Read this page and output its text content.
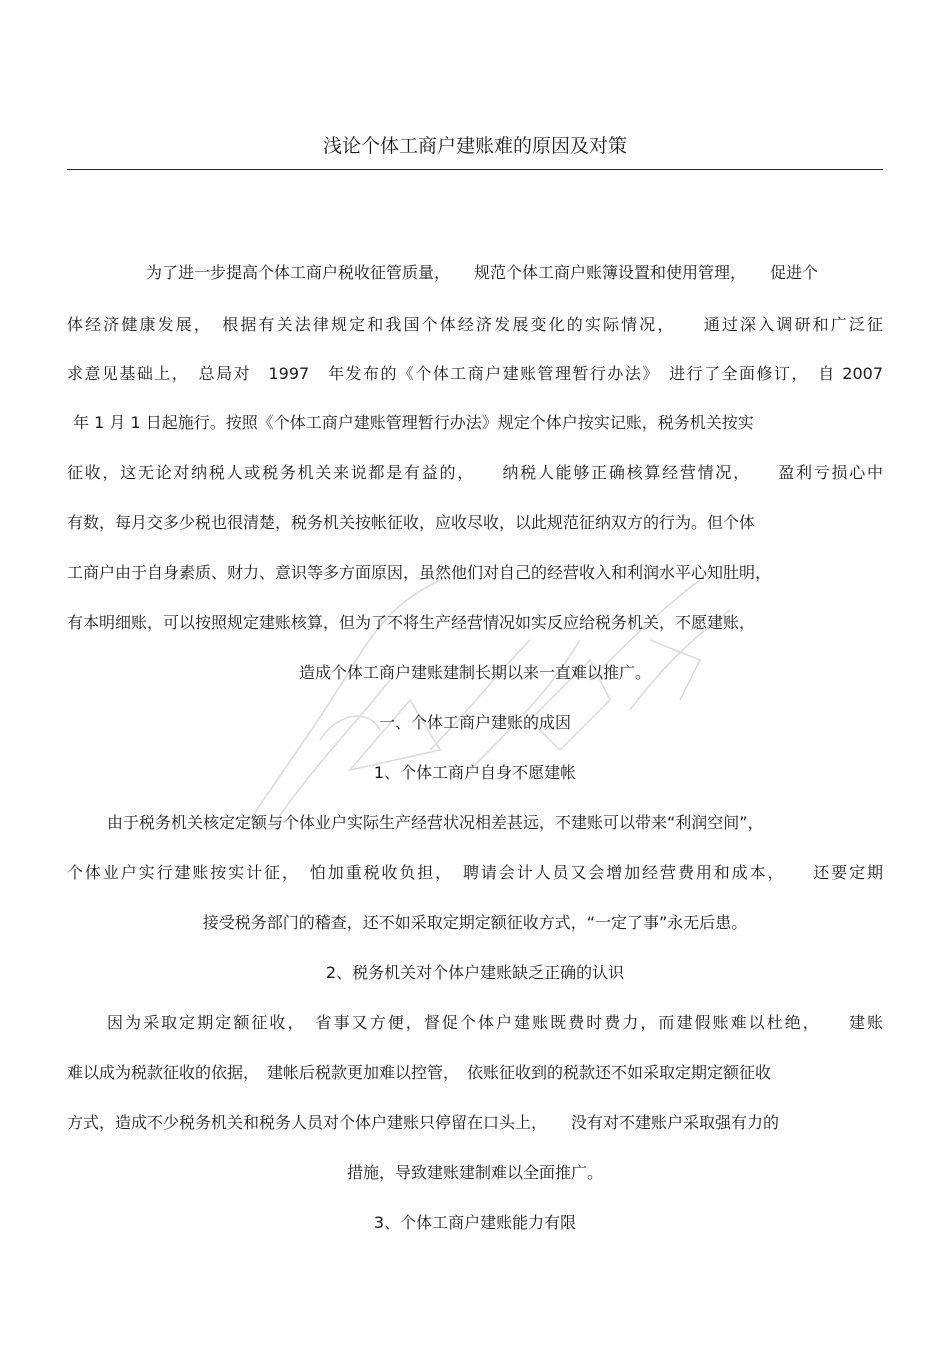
浅论个体工商户建账难的原因及对策

为了进一步提高个体工商户税收征管质量，　　规范个体工商户账簿设置和使用管理，　　促进个

体经济健康发展，　根据有关法律规定和我国个体经济发展变化的实际情况，　　通过深入调研和广泛征

求意见基础上，　总局对　1997　年发布的《个体工商户建账管理暂行办法》　进行了全面修订，　自 2007

年 1 月 1 日起施行。按照《个体工商户建账管理暂行办法》规定个体户按实记账，税务机关按实

征收，这无论对纳税人或税务机关来说都是有益的，　　纳税人能够正确核算经营情况，　　盈利亏损心中

有数，每月交多少税也很清楚，税务机关按帐征收，应收尽收，以此规范征纳双方的行为。但个体

工商户由于自身素质、财力、意识等多方面原因，虽然他们对自己的经营收入和利润水平心知肚明，

有本明细账，可以按照规定建账核算，但为了不将生产经营情况如实反应给税务机关，不愿建账，

造成个体工商户建账建制长期以来一直难以推广。

一、个体工商户建账的成因

1、个体工商户自身不愿建帐

由于税务机关核定定额与个体业户实际生产经营状况相差甚远，不建账可以带来“利润空间”，

个体业户实行建账按实计征，　怕加重税收负担，　聘请会计人员又会增加经营费用和成本，　　还要定期

接受税务部门的稽查，还不如采取定期定额征收方式，“一定了事”永无后患。

2、税务机关对个体户建账缺乏正确的认识

因为采取定期定额征收，　省事又方便，督促个体户建账既费时费力，而建假账难以杜绝，　　建账

难以成为税款征收的依据，　建帐后税款更加难以控管，　依账征收到的税款还不如采取定期定额征收

方式，造成不少税务机关和税务人员对个体户建账只停留在口头上，　　没有对不建账户采取强有力的

措施，导致建账建制难以全面推广。

3、个体工商户建账能力有限
